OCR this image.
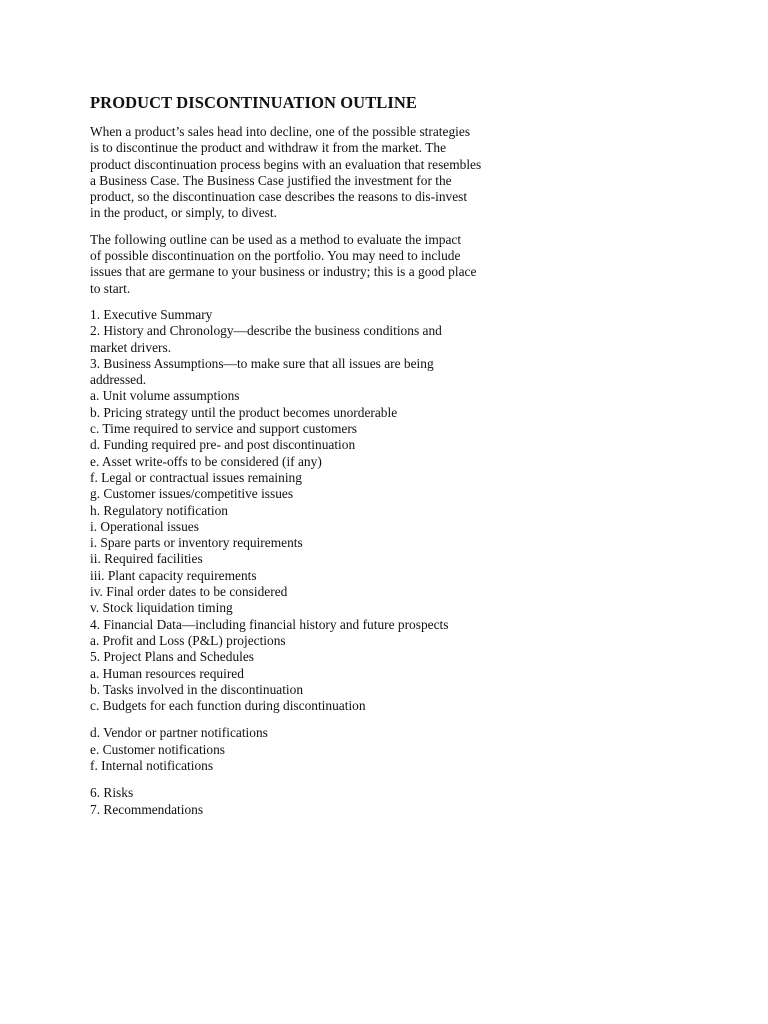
PRODUCT DISCONTINUATION OUTLINE

When a product’s sales head into decline, one of the possible strategies
is to discontinue the product and withdraw it from the market. The
product discontinuation process begins with an evaluation that resembles
a Business Case. The Business Case justified the investment for the
product, so the discontinuation case describes the reasons to dis-invest
in the product, or simply, to divest.

The following outline can be used as a method to evaluate the impact
of possible discontinuation on the portfolio. You may need to include
issues that are germane to your business or industry; this is a good place
to start.

1. Executive Summary
2. History and Chronology—describe the business conditions and
market drivers.
3. Business Assumptions—to make sure that all issues are being
addressed.
a. Unit volume assumptions
b. Pricing strategy until the product becomes unorderable
c. Time required to service and support customers
d. Funding required pre- and post discontinuation
e. Asset write-offs to be considered (if any)
f. Legal or contractual issues remaining
g. Customer issues/competitive issues
h. Regulatory notification
i. Operational issues
i. Spare parts or inventory requirements
ii. Required facilities
iii. Plant capacity requirements
iv. Final order dates to be considered
v. Stock liquidation timing
4. Financial Data—including financial history and future prospects
a. Profit and Loss (P&L) projections
5. Project Plans and Schedules
a. Human resources required
b. Tasks involved in the discontinuation
c. Budgets for each function during discontinuation
d. Vendor or partner notifications
e. Customer notifications
f. Internal notifications
6. Risks
7. Recommendations
